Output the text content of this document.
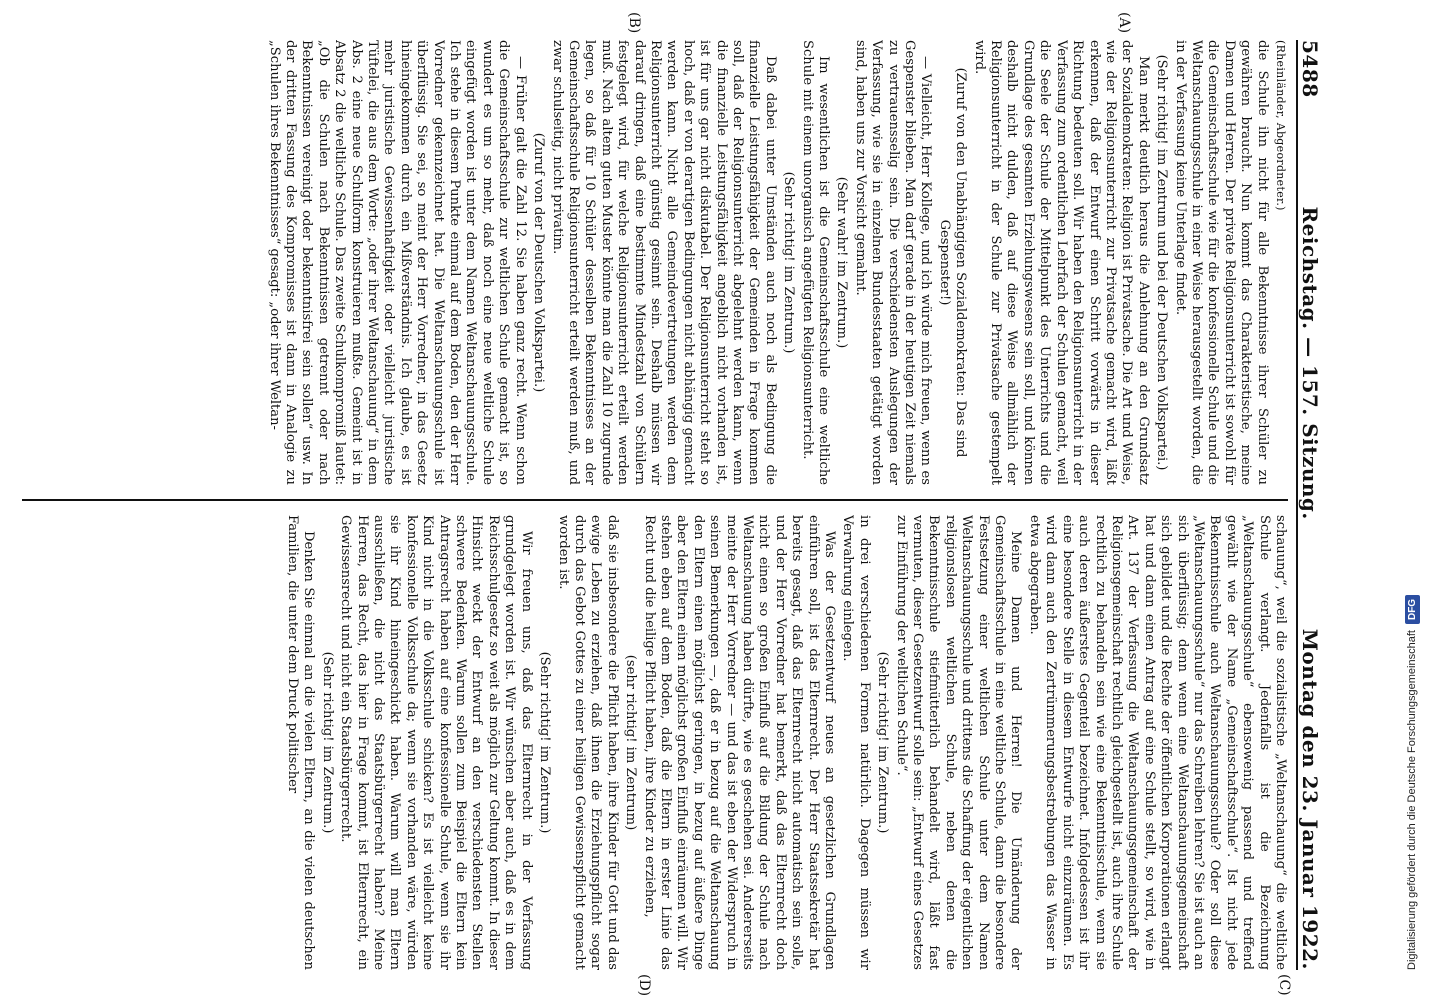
5488
Reichstag. — 157. Sitzung.
Montag den 23. Januar 1922.

(Rheinländer, Abgeordneter.)

die Schule ihn nicht für alle Bekenntnisse ihrer Schüler zu gewähren braucht. Nun kommt das Charakteristische, meine Damen und Herren. Der private Religionsunterricht ist sowohl für die Gemeinschaftsschule wie für die konfessionelle Schule und die Weltanschauungsschule in einer Weise herausgestellt worden, die in der Verfassung keine Unterlage findet.

(Sehr richtig! im Zentrum und bei der Deutschen Volkspartei.)

Man merkt deutlich heraus die Anlehnung an den Grundsatz der Sozialdemokraten: Religion ist Privatsache. Die Art und Weise, wie der Religionsunterricht zur Privatsache gemacht wird, läßt erkennen, daß der Entwurf einen Schritt vorwärts in dieser Richtung bedeuten soll. Wir haben den Religionsunterricht in der Verfassung zum ordentlichen Lehrfach der Schulen gemacht, weil die Seele der Schule der Mittelpunkt des Unterrichts und die Grundlage des gesamten Erziehungswesens sein soll, und können deshalb nicht dulden, daß auf diese Weise allmählich der Religionsunterricht in der Schule zur Privatsache gestempelt wird.

(Zuruf von den Unabhängigen Sozialdemokraten: Das sind Gespenster!)

— Vielleicht, Herr Kollege, und ich würde mich freuen, wenn es Gespenster blieben. Man darf gerade in der heutigen Zeit niemals zu vertrauensselig sein. Die verschiedensten Auslegungen der Verfassung, wie sie in einzelnen Bundesstaaten getätigt worden sind, haben uns zur Vorsicht gemahnt.

(Sehr wahr! im Zentrum.)

Im wesentlichen ist die Gemeinschaftsschule eine weltliche Schule mit einem unorganisch angefügten Religionsunterricht.

(Sehr richtig! im Zentrum.)

Daß dabei unter Umständen auch noch als Bedingung die finanzielle Leistungsfähigkeit der Gemeinden in Frage kommen soll, daß der Religionsunterricht abgelehnt werden kann, wenn die finanzielle Leistungsfähigkeit angeblich nicht vorhanden ist, ist für uns gar nicht diskutabel. Der Religionsunterricht steht so hoch, daß er von derartigen Bedingungen nicht abhängig gemacht werden kann. Nicht alle Gemeindevertretungen werden dem Religionsunterricht günstig gesinnt sein. Deshalb müssen wir darauf dringen, daß eine bestimmte Mindestzahl von Schülern festgelegt wird, für welche Religionsunterricht erteilt werden muß. Nach altem guten Muster könnte man die Zahl 10 zugrunde legen, so daß für 10 Schüler desselben Bekenntnisses an der Gemeinschaftsschule Religionsunterricht erteilt werden muß, und zwar schulseitig, nicht privatim.

(Zuruf von der Deutschen Volkspartei.)

— Früher galt die Zahl 12. Sie haben ganz recht. Wenn schon die Gemeinschaftsschule zur weltlichen Schule gemacht ist, so wundert es um so mehr, daß noch eine neue weltliche Schule eingefügt worden ist unter dem Namen Weltanschauungsschule. Ich stehe in diesem Punkte einmal auf dem Boden, den der Herr Vorredner gekennzeichnet hat. Die Weltanschauungsschule ist überflüssig. Sie sei, so meint der Herr Vorredner, in das Gesetz hineingekommen durch ein Mißverständnis. Ich glaube, es ist mehr juristische Gewissenhaftigkeit oder vielleicht juristische Tüftelei, die aus dem Worte: „oder ihrer Weltanschauung“ in dem Abs. 2 eine neue Schulform konstruieren mußte. Gemeint ist in Absatz 2 die weltliche Schule. Das zweite Schulkompromiß lautet: „Ob die Schulen nach Bekenntnissen getrennt oder nach Bekenntnissen vereinigt oder bekenntnisfrei sein sollen“ usw. In der dritten Fassung des Kompromisses ist dann in Analogie zu „Schulen ihres Bekenntnisses“ gesagt: „oder ihrer Weltan-

schauung“, weil die sozialistische „Weltanschauung“ die weltliche Schule verlangt. Jedenfalls ist die Bezeichnung „Weltanschauungsschule“ ebensowenig passend und treffend gewählt wie der Name „Gemeinschaftsschule“. Ist nicht jede Bekenntnisschule auch Weltanschauungsschule? Oder soll diese „Weltanschauungsschule“ nur das Schreiben lehren? Sie ist auch an sich überflüssig; denn wenn eine Weltanschauungsgemeinschaft sich gebildet und die Rechte der öffentlichen Korporationen erlangt hat und dann einen Antrag auf eine Schule stellt, so wird, wie in Art. 137 der Verfassung die Weltanschauungsgemeinschaft der Religionsgemeinschaft rechtlich gleichgestellt ist, auch ihre Schule rechtlich zu behandeln sein wie eine Bekenntnisschule, wenn sie auch deren äußerstes Gegenteil bezeichnet. Infolgedessen ist ihr eine besondere Stelle in diesem Entwurfe nicht einzuräumen. Es wird dann auch den Zertrümmerungsbestrebungen das Wasser in etwa abgegraben.

Meine Damen und Herren! Die Umänderung der Gemeinschaftsschule in eine weltliche Schule, dann die besondere Festsetzung einer weltlichen Schule unter dem Namen Weltanschauungsschule und drittens die Schaffung der eigentlichen religionslosen weltlichen Schule, neben denen die Bekenntnisschule stiefmütterlich behandelt wird, läßt fast vermuten, dieser Gesetzentwurf solle sein: „Entwurf eines Gesetzes zur Einführung der weltlichen Schule“.

(Sehr richtig! im Zentrum.)

in drei verschiedenen Formen natürlich. Dagegen müssen wir Verwahrung einlegen.

Was der Gesetzentwurf neues an gesetzlichen Grundlagen einführen soll, ist das Elternrecht. Der Herr Staatssekretär hat bereits gesagt, daß das Elternrecht nicht automatisch sein solle, und der Herr Vorredner hat bemerkt, daß das Elternrecht doch nicht einen so großen Einfluß auf die Bildung der Schule nach Weltanschauung haben dürfte, wie es geschehen sei. Andererseits meinte der Herr Vorredner — und das ist eben der Widerspruch in seinen Bemerkungen —, daß er in bezug auf die Weltanschauung den Eltern einen möglichst geringen, in bezug auf äußere Dinge aber den Eltern einen möglichst großen Einfluß einräumen will. Wir stehen eben auf dem Boden, daß die Eltern in erster Linie das Recht und die heilige Pflicht haben, ihre Kinder zu erziehen,

(sehr richtig! im Zentrum)

daß sie insbesondere die Pflicht haben, ihre Kinder für Gott und das ewige Leben zu erziehen, daß ihnen die Erziehungspflicht sogar durch das Gebot Gottes zu einer heiligen Gewissenspflicht gemacht worden ist.

(Sehr richtig! im Zentrum.)

Wir freuen uns, daß das Elternrecht in der Verfassung grundgelegt worden ist. Wir wünschen aber auch, daß es in dem Reichsschulgesetz so weit als möglich zur Geltung kommt. In dieser Hinsicht weckt der Entwurf an den verschiedensten Stellen schwere Bedenken. Warum sollen zum Beispiel die Eltern kein Antragsrecht haben auf eine konfessionelle Schule, wenn sie ihr Kind nicht in die Volksschule schicken? Es ist vielleicht keine konfessionelle Volksschule da; wenn sie vorhanden wäre, würden sie ihr Kind hineingeschickt haben. Warum will man Eltern ausschließen, die nicht das Staatsbürgerrecht haben? Meine Herren, das Recht, das hier in Frage kommt, ist Elternrecht, ein Gewissensrecht und nicht ein Staatsbürgerrecht.

(Sehr richtig! im Zentrum.)

Denken Sie einmal an die vielen Eltern, an die vielen deutschen Familien, die unter dem Druck politischer

(A)
(B)
(C)
(D)
Digitalisierung gefördert durch die Deutsche Forschungsgemeinschaft
DFG
